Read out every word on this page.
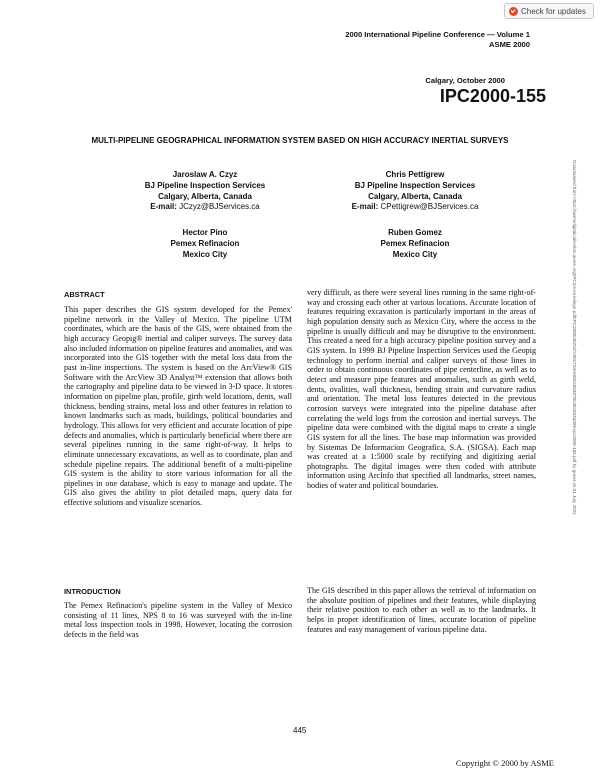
Check for updates
2000 International Pipeline Conference — Volume 1
ASME 2000
Calgary, October 2000
IPC2000-155
MULTI-PIPELINE GEOGRAPHICAL INFORMATION SYSTEM BASED ON HIGH ACCURACY INERTIAL SURVEYS
Jaroslaw A. Czyz
BJ Pipeline Inspection Services
Calgary, Alberta, Canada
E-mail: JCzyz@BJServices.ca
Chris Pettigrew
BJ Pipeline Inspection Services
Calgary, Alberta, Canada
E-mail: CPettigrew@BJServices.ca
Hector Pino
Pemex Refinacion
Mexico City
Ruben Gomez
Pemex Refinacion
Mexico City
ABSTRACT
This paper describes the GIS system developed for the Pemex' pipeline network in the Valley of Mexico. The pipeline UTM coordinates, which are the basis of the GIS, were obtained from the high accuracy Geopig® inertial and caliper surveys. The survey data also included information on pipeline features and anomalies, and was incorporated into the GIS together with the metal loss data from the past in-line inspections. The system is based on the ArcView® GIS Software with the ArcView 3D Analyst™ extension that allows both the cartography and pipeline data to be viewed in 3-D space. It stores information on pipeline plan, profile, girth weld locations, dents, wall thickness, bending strains, metal loss and other features in relation to known landmarks such as roads, buildings, political boundaries and hydrology. This allows for very efficient and accurate location of pipe defects and anomalies, which is particularly beneficial where there are several pipelines running in the same right-of-way. It helps to eliminate unnecessary excavations, as well as to coordinate, plan and schedule pipeline repairs. The additional benefit of a multi-pipeline GIS system is the ability to store various information for all the pipelines in one database, which is easy to manage and update. The GIS also gives the ability to plot detailed maps, query data for effective solutions and visualize scenarios.
INTRODUCTION
The Pemex Refinacion's pipeline system in the Valley of Mexico consisting of 11 lines, NPS 8 to 16 was surveyed with the in-line metal loss inspection tools in 1998. However, locating the corrosion defects in the field was
very difficult, as there were several lines running in the same right-of-way and crossing each other at various locations. Accurate location of features requiring excavation is particularly important in the areas of high population density such as Mexico City, where the access to the pipeline is usually difficult and may be disruptive to the environment. This created a need for a high accuracy pipeline position survey and a GIS system. In 1999 BJ Pipeline Inspection Services used the Geopig technology to perform inertial and caliper surveys of those lines in order to obtain continuous coordinates of pipe centerline, as well as to detect and measure pipe features and anomalies, such as girth weld, dents, ovalities, wall thickness, bending strain and curvature radius and orientation. The metal loss features detected in the previous corrosion surveys were integrated into the pipeline database after correlating the weld logs from the corrosion and inertial surveys. The pipeline data were combined with the digital maps to create a single GIS system for all the lines. The base map information was provided by Sistemas De Informacion Geografica, S.A. (SIGSA). Each map was created at a 1:5000 scale by rectifying and digitizing aerial photographs. The digital images were then coded with attribute information using ArcInfo that specified all landmarks, street names, bodies of water and political boundaries.
The GIS described in this paper allows the retrieval of information on the absolute position of pipelines and their features, while displaying their relative position to each other as well as to the landmarks. It helps in proper identification of lines, accurate location of pipeline features and easy management of various pipeline data.
445
Copyright © 2000 by ASME
Downloaded from https://asmedigitalcollection.asme.org/IPC/proceedings-pdf/IPC2000/40252/V001T04A006/2504878/v001t04a006-ipc2000-155.pdf by guest on 01 July 2022
